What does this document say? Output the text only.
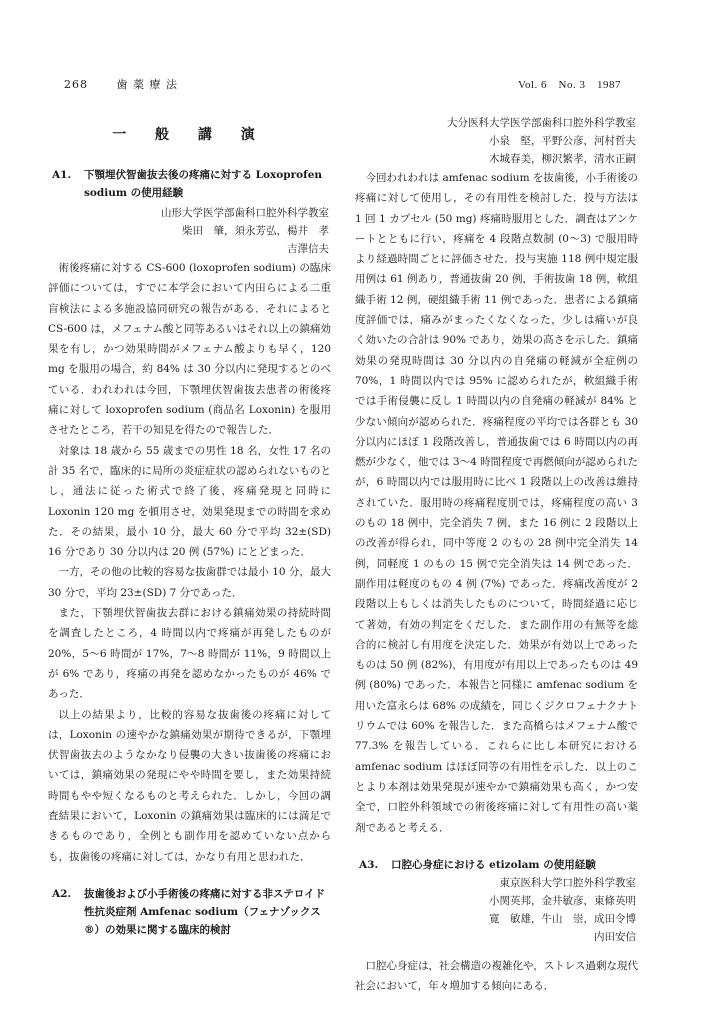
268	歯 薬 療 法	Vol. 6　No. 3　1987
一 般 講 演
A1.	下顎埋伏智歯抜去後の疼痛に対する Loxoprofen sodium の使用経験
山形大学医学部歯科口腔外科学教室
柴田　肇，須永芳弘，楊井　孝
吉澤信夫

術後疼痛に対する CS-600 (loxoprofen sodium) の臨床評価については，すでに本学会において内田らによる二重盲検法による多施設協同研究の報告がある．それによると CS-600 は，メフェナム酸と同等あるいはそれ以上の鎮痛効果を有し，かつ効果時間がメフェナム酸よりも早く，120 mg を服用の場合，約 84% は 30 分以内に発現するとのべている．われわれは今回，下顎埋伏智歯抜去患者の術後疼痛に対して loxoprofen sodium (商品名 Loxonin) を服用させたところ，若干の知見を得たので報告した．

対象は 18 歳から 55 歳までの男性 18 名，女性 17 名の計 35 名で，臨床的に局所の炎症症状の認められないものとし，通法に従った術式で終了後，疼痛発現と同時に Loxonin 120 mg を頓用させ，効果発現までの時間を求めた．その結果，最小 10 分，最大 60 分で平均 32±(SD) 16 分であり 30 分以内は 20 例 (57%) にとどまった．

一方，その他の比較的容易な抜歯群では最小 10 分，最大 30 分で，平均 23±(SD) 7 分であった．

また，下顎埋伏智歯抜去群における鎮痛効果の持続時間を調査したところ，4 時間以内で疼痛が再発したものが 20%，5～6 時間が 17%，7～8 時間が 11%，9 時間以上が 6% であり，疼痛の再発を認めなかったものが 46% であった．

以上の結果より，比較的容易な抜歯後の疼痛に対しては，Loxonin の速やかな鎮痛効果が期待できるが，下顎埋伏智歯抜去のようなかなり侵襲の大きい抜歯後の疼痛においては，鎮痛効果の発現にやや時間を要し，また効果持続時間もやや短くなるものと考えられた．しかし，今回の調査結果において，Loxonin の鎮痛効果は臨床的には満足できるものであり，全例とも副作用を認めていない点からも，抜歯後の疼痛に対しては，かなり有用と思われた．

A2.	抜歯後および小手術後の疼痛に対する非ステロイド性抗炎症剤 Amfenac sodium（フェナゾックス®）の効果に関する臨床的検討
大分医科大学医学部歯科口腔外科学教室
小泉　堅，平野公彦，河村哲夫
木城春美，柳沢繁孝，清水正嗣

今回われわれは amfenac sodium を抜歯後，小手術後の疼痛に対して使用し，その有用性を検討した．投与方法は 1 回 1 カプセル (50 mg) 疼痛時服用とした．調査はアンケートとともに行い，疼痛を 4 段階点数制 (0～3) で服用時より経過時間ごとに評価させた．投与実施 118 例中規定服用例は 61 例あり，普通抜歯 20 例，手術抜歯 18 例，軟組織手術 12 例，硬組織手術 11 例であった．患者による鎮痛度評価では，痛みがまったくなくなった，少しは痛いが良く効いたの合計は 90% であり，効果の高さを示した．鎮痛効果の発現時間は 30 分以内の自発痛の軽減が全症例の 70%，1 時間以内では 95% に認められたが，軟組織手術では手術侵襲に反し 1 時間以内の自発痛の軽減が 84% と少ない傾向が認められた．疼痛程度の平均では各群とも 30 分以内にほぼ 1 段階改善し，普通抜歯では 6 時間以内の再燃が少なく，他では 3～4 時間程度で再燃傾向が認められたが，6 時間以内では服用時に比べ 1 段階以上の改善は維持されていた．服用時の疼痛程度別では，疼痛程度の高い 3 のもの 18 例中，完全消失 7 例，また 16 例に 2 段階以上の改善が得られ，同中等度 2 のもの 28 例中完全消失 14 例，同軽度 1 のもの 15 例で完全消失は 14 例であった．副作用は軽度のもの 4 例 (7%) であった．疼痛改善度が 2 段階以上もしくは消失したものについて，時間経過に応じて著効，有効の判定をくだした．また副作用の有無等を総合的に検討し有用度を決定した．効果が有効以上であったものは 50 例 (82%)，有用度が有用以上であったものは 49 例 (80%) であった．本報告と同様に amfenac sodium を用いた富永らは 68% の成績を，同じくジクロフェナクナトリウムでは 60% を報告した．また高橋らはメフェナム酸で 77.3% を報告している．これらに比し本研究における amfenac sodium はほぼ同等の有用性を示した．以上のことより本剤は効果発現が速やかで鎮痛効果も高く，かつ安全で，口腔外科領域での術後疼痛に対して有用性の高い薬剤であると考える．

A3.	口腔心身症における etizolam の使用経験
東京医科大学口腔外科学教室
小関英邦，金井敏彦，東條英明
寛　敏雄，牛山　崇，成田令博
内田安信

口腔心身症は，社会構造の複雑化や，ストレス過剰な現代社会において，年々増加する傾向にある．
